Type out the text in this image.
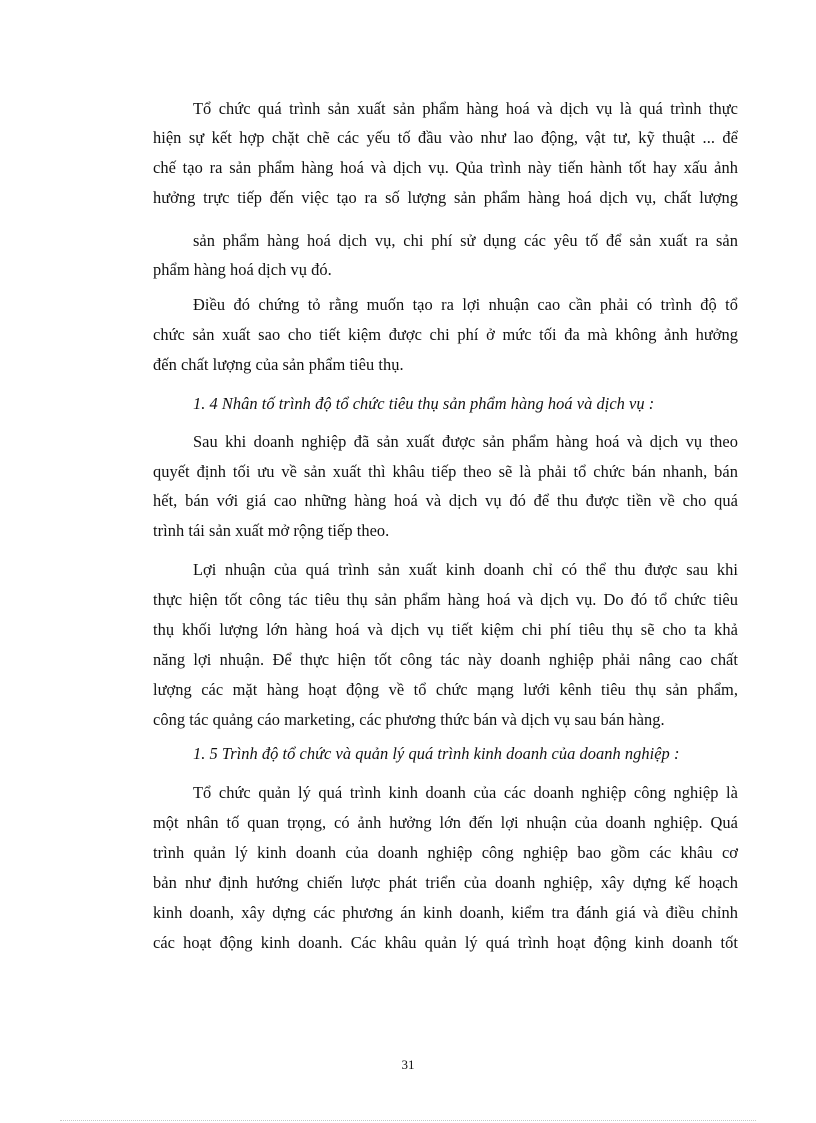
Tổ chức quá trình sản xuất sản phẩm hàng hoá và dịch vụ là quá trình thực
hiện sự kết hợp chặt chẽ các yếu tố đầu vào như lao động, vật tư, kỹ thuật ... để
chế tạo ra sản phẩm hàng hoá và dịch vụ. Qủa trình này tiến hành tốt hay xấu ảnh
hưởng trực tiếp đến việc tạo ra số lượng sản phẩm hàng hoá dịch vụ, chất lượng
sản phẩm hàng hoá dịch vụ, chi phí sử dụng các yêu tố để sản xuất ra sản
phẩm hàng hoá dịch vụ đó.
Điều đó chứng tỏ rằng muốn tạo ra lợi nhuận cao cần phải có trình độ tổ
chức sản xuất sao cho tiết kiệm được chi phí ở mức tối đa mà không ảnh hưởng
đến chất lượng của sản phẩm tiêu thụ.
1. 4 Nhân tố trình độ tổ chức tiêu thụ sản phẩm hàng hoá và dịch vụ :
Sau khi doanh nghiệp đã sản xuất được sản phẩm hàng hoá và dịch vụ theo
quyết định tối ưu về sản xuất thì khâu tiếp theo sẽ là phải tổ chức bán nhanh, bán
hết, bán với giá cao những hàng hoá và dịch vụ đó để thu được tiền về cho quá
trình tái sản xuất mở rộng tiếp theo.
Lợi nhuận của quá trình sản xuất kinh doanh chỉ có thể thu được sau khi
thực hiện tốt công tác tiêu thụ sản phẩm hàng hoá và dịch vụ. Do đó tổ chức tiêu
thụ khối lượng lớn hàng hoá và dịch vụ tiết kiệm chi phí tiêu thụ sẽ cho ta khả
năng lợi nhuận. Để thực hiện tốt công tác này doanh nghiệp phải nâng cao chất
lượng các mặt hàng hoạt động về tổ chức mạng lưới kênh tiêu thụ sản phẩm,
công tác quảng cáo marketing, các phương thức bán và dịch vụ sau bán hàng.
1. 5 Trình độ tổ chức và quản lý quá trình kinh doanh của doanh nghiệp :
Tổ chức quản lý quá trình kinh doanh của các doanh nghiệp công nghiệp là
một nhân tố quan trọng, có ảnh hưởng lớn đến lợi nhuận của doanh nghiệp. Quá
trình quản lý kinh doanh của doanh nghiệp công nghiệp bao gồm các khâu cơ
bản như định hướng chiến lược phát triển của doanh nghiệp, xây dựng kế hoạch
kinh doanh, xây dựng các phương án kinh doanh, kiểm tra đánh giá và điều chỉnh
các hoạt động kinh doanh. Các khâu quản lý quá trình hoạt động kinh doanh tốt
31
